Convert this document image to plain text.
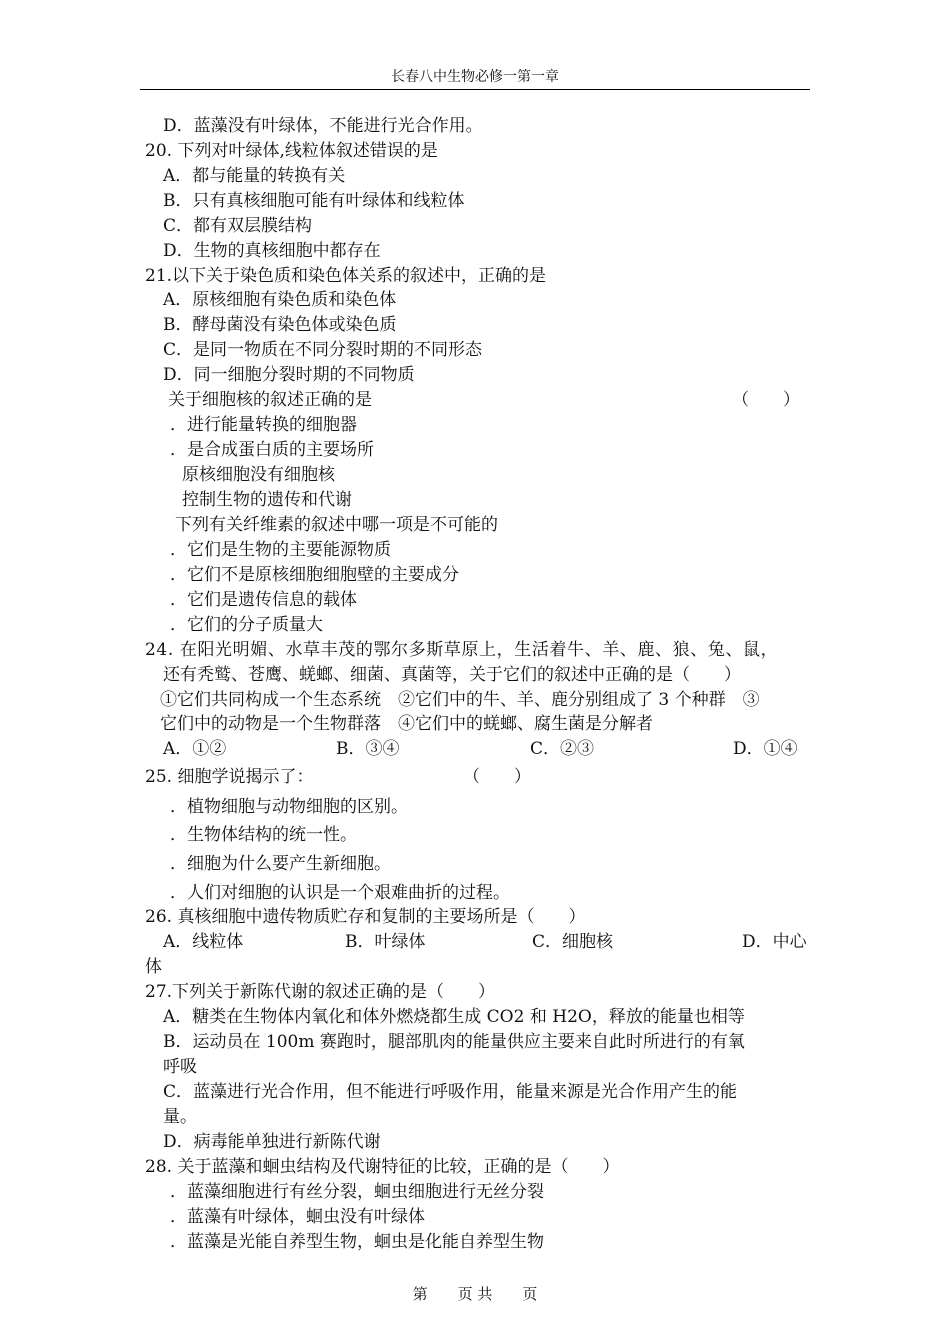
长春八中生物必修一第一章
D．蓝藻没有叶绿体，不能进行光合作用。
20. 下列对叶绿体,线粒体叙述错误的是
A．都与能量的转换有关
B．只有真核细胞可能有叶绿体和线粒体
C．都有双层膜结构
D．生物的真核细胞中都存在
21.以下关于染色质和染色体关系的叙述中，正确的是
A．原核细胞有染色质和染色体
B．酵母菌没有染色体或染色质
C．是同一物质在不同分裂时期的不同形态
D．同一细胞分裂时期的不同物质
关于细胞核的叙述正确的是	（　　）
．进行能量转换的细胞器
．是合成蛋白质的主要场所
原核细胞没有细胞核
控制生物的遗传和代谢
下列有关纤维素的叙述中哪一项是不可能的
．它们是生物的主要能源物质
．它们不是原核细胞细胞壁的主要成分
．它们是遗传信息的载体
．它们的分子质量大
24. 在阳光明媚、水草丰茂的鄂尔多斯草原上，生活着牛、羊、鹿、狼、兔、鼠，
还有秃鹫、苍鹰、蜣螂、细菌、真菌等，关于它们的叙述中正确的是（　　）
①它们共同构成一个生态系统　②它们中的牛、羊、鹿分别组成了 3 个种群　③
它们中的动物是一个生物群落　④它们中的蜣螂、腐生菌是分解者
A．①②	B．③④	C．②③	D．①④
25. 细胞学说揭示了：	（　　）
．植物细胞与动物细胞的区别。
．生物体结构的统一性。
．细胞为什么要产生新细胞。
．人们对细胞的认识是一个艰难曲折的过程。
26. 真核细胞中遗传物质贮存和复制的主要场所是（　　）
A．线粒体	B．叶绿体	C．细胞核	D．中心
体
27.下列关于新陈代谢的叙述正确的是（　　）
A．糖类在生物体内氧化和体外燃烧都生成 CO2 和 H2O，释放的能量也相等
B．运动员在 100m 赛跑时，腿部肌肉的能量供应主要来自此时所进行的有氧
呼吸
C．蓝藻进行光合作用，但不能进行呼吸作用，能量来源是光合作用产生的能
量。
D．病毒能单独进行新陈代谢
28. 关于蓝藻和蛔虫结构及代谢特征的比较，正确的是（　　）
．蓝藻细胞进行有丝分裂，蛔虫细胞进行无丝分裂
．蓝藻有叶绿体，蛔虫没有叶绿体
．蓝藻是光能自养型生物，蛔虫是化能自养型生物
第　　页 共　　页
